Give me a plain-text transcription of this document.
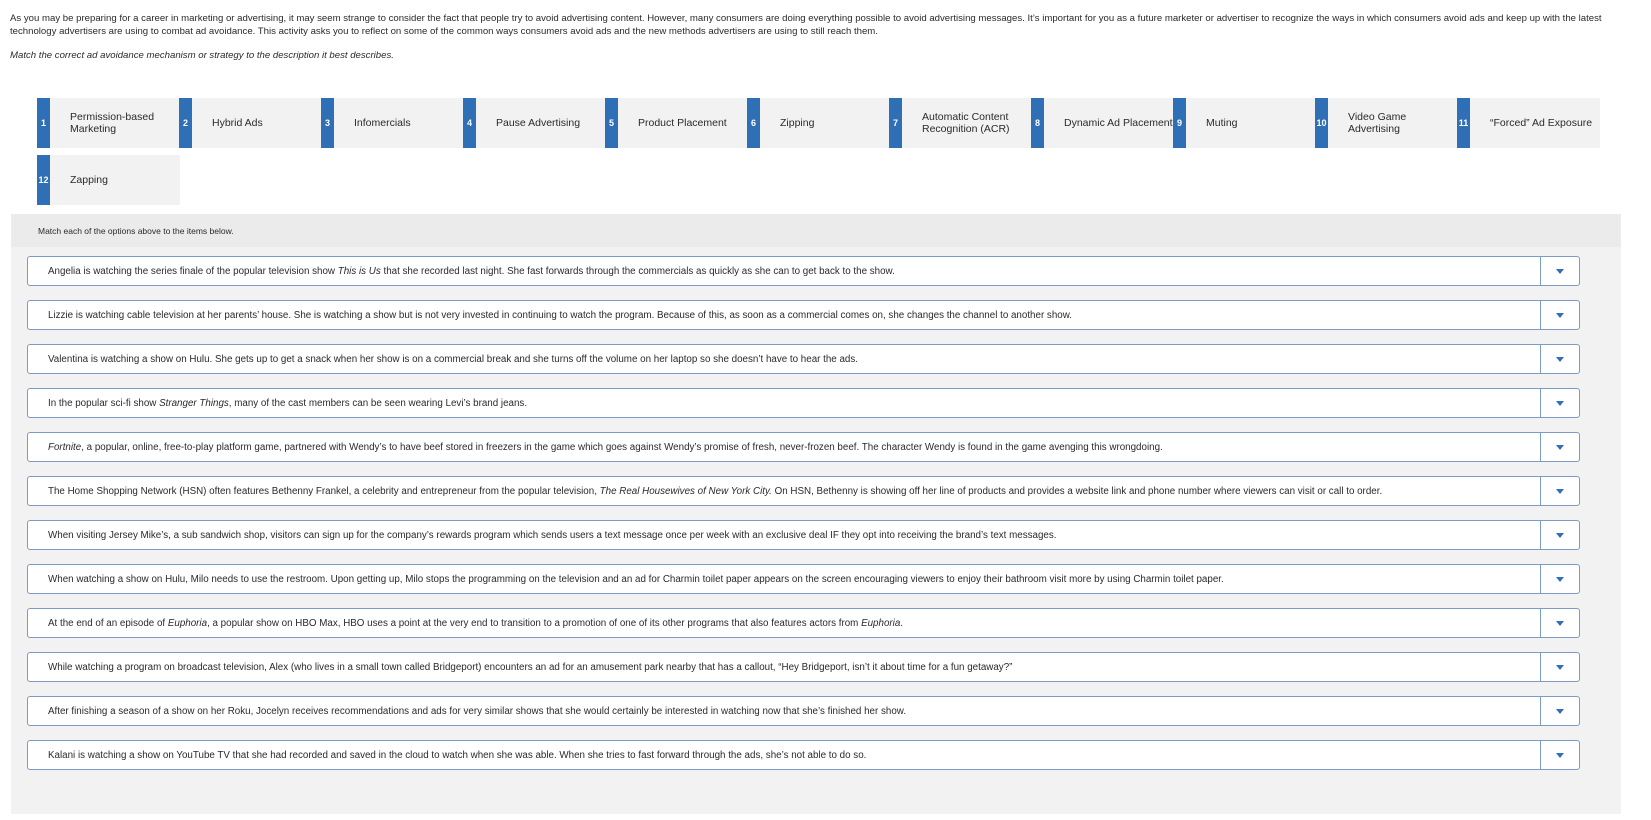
As you may be preparing for a career in marketing or advertising, it may seem strange to consider the fact that people try to avoid advertising content. However, many consumers are doing everything possible to avoid advertising messages. It’s important for you as a future marketer or advertiser to recognize the ways in which consumers avoid ads and keep up with the latest technology advertisers are using to combat ad avoidance. This activity asks you to reflect on some of the common ways consumers avoid ads and the new methods advertisers are using to still reach them.
Match the correct ad avoidance mechanism or strategy to the description it best describes.
1	Permission-based Marketing	2	Hybrid Ads	3	Infomercials	4	Pause Advertising	5	Product Placement	6	Zipping	7	Automatic Content Recognition (ACR)	8	Dynamic Ad Placement 9	Muting	10	Video Game Advertising	11	“Forced” Ad Exposure
12	Zapping
Match each of the options above to the items below.
Angelia is watching the series finale of the popular television show This is Us that she recorded last night. She fast forwards through the commercials as quickly as she can to get back to the show.
Lizzie is watching cable television at her parents’ house. She is watching a show but is not very invested in continuing to watch the program. Because of this, as soon as a commercial comes on, she changes the channel to another show.
Valentina is watching a show on Hulu. She gets up to get a snack when her show is on a commercial break and she turns off the volume on her laptop so she doesn’t have to hear the ads.
In the popular sci-fi show Stranger Things, many of the cast members can be seen wearing Levi’s brand jeans.
Fortnite, a popular, online, free-to-play platform game, partnered with Wendy’s to have beef stored in freezers in the game which goes against Wendy’s promise of fresh, never-frozen beef. The character Wendy is found in the game avenging this wrongdoing.
The Home Shopping Network (HSN) often features Bethenny Frankel, a celebrity and entrepreneur from the popular television, The Real Housewives of New York City. On HSN, Bethenny is showing off her line of products and provides a website link and phone number where viewers can visit or call to order.
When visiting Jersey Mike’s, a sub sandwich shop, visitors can sign up for the company’s rewards program which sends users a text message once per week with an exclusive deal IF they opt into receiving the brand’s text messages.
When watching a show on Hulu, Milo needs to use the restroom. Upon getting up, Milo stops the programming on the television and an ad for Charmin toilet paper appears on the screen encouraging viewers to enjoy their bathroom visit more by using Charmin toilet paper.
At the end of an episode of Euphoria, a popular show on HBO Max, HBO uses a point at the very end to transition to a promotion of one of its other programs that also features actors from Euphoria.
While watching a program on broadcast television, Alex (who lives in a small town called Bridgeport) encounters an ad for an amusement park nearby that has a callout, “Hey Bridgeport, isn’t it about time for a fun getaway?”
After finishing a season of a show on her Roku, Jocelyn receives recommendations and ads for very similar shows that she would certainly be interested in watching now that she’s finished her show.
Kalani is watching a show on YouTube TV that she had recorded and saved in the cloud to watch when she was able. When she tries to fast forward through the ads, she’s not able to do so.
